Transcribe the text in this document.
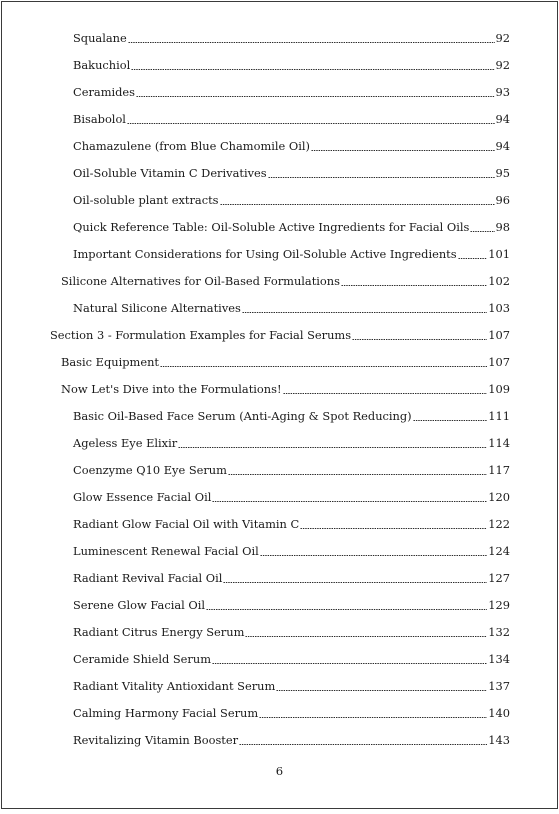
Squalane	92
Bakuchiol	92
Ceramides	93
Bisabolol	94
Chamazulene (from Blue Chamomile Oil)	94
Oil-Soluble Vitamin C Derivatives	95
Oil-soluble plant extracts	96
Quick Reference Table: Oil-Soluble Active Ingredients for Facial Oils 98
Important Considerations for Using Oil-Soluble Active Ingredients	101
Silicone Alternatives for Oil-Based Formulations	102
Natural Silicone Alternatives	103
Section 3 - Formulation Examples for Facial Serums	107
Basic Equipment	107
Now Let's Dive into the Formulations!	109
Basic Oil-Based Face Serum (Anti-Aging & Spot Reducing)	111
Ageless Eye Elixir	114
Coenzyme Q10 Eye Serum	117
Glow Essence Facial Oil	120
Radiant Glow Facial Oil with Vitamin C	122
Luminescent Renewal Facial Oil	124
Radiant Revival Facial Oil	127
Serene Glow Facial Oil	129
Radiant Citrus Energy Serum	132
Ceramide Shield Serum	134
Radiant Vitality Antioxidant Serum	137
Calming Harmony Facial Serum	140
Revitalizing Vitamin Booster	143
6
